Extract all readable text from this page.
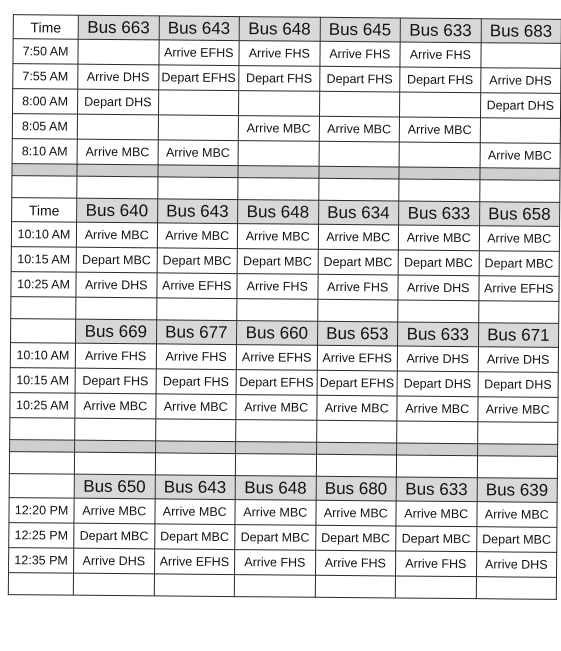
Time	Bus 663	Bus 643	Bus 648	Bus 645	Bus 633	Bus 683
7:50 AM		Arrive EFHS	Arrive FHS	Arrive FHS	Arrive FHS	
7:55 AM	Arrive DHS	Depart EFHS	Depart FHS	Depart FHS	Depart FHS	Arrive DHS
8:00 AM	Depart DHS					Depart DHS
8:05 AM			Arrive MBC	Arrive MBC	Arrive MBC	
8:10 AM	Arrive MBC	Arrive MBC				Arrive MBC

Time	Bus 640	Bus 643	Bus 648	Bus 634	Bus 633	Bus 658
10:10 AM	Arrive MBC	Arrive MBC	Arrive MBC	Arrive MBC	Arrive MBC	Arrive MBC
10:15 AM	Depart MBC	Depart MBC	Depart MBC	Depart MBC	Depart MBC	Depart MBC
10:25 AM	Arrive DHS	Arrive EFHS	Arrive FHS	Arrive FHS	Arrive DHS	Arrive EFHS

	Bus 669	Bus 677	Bus 660	Bus 653	Bus 633	Bus 671
10:10 AM	Arrive FHS	Arrive FHS	Arrive EFHS	Arrive EFHS	Arrive DHS	Arrive DHS
10:15 AM	Depart FHS	Depart FHS	Depart EFHS	Depart EFHS	Depart DHS	Depart DHS
10:25 AM	Arrive MBC	Arrive MBC	Arrive MBC	Arrive MBC	Arrive MBC	Arrive MBC

	Bus 650	Bus 643	Bus 648	Bus 680	Bus 633	Bus 639
12:20 PM	Arrive MBC	Arrive MBC	Arrive MBC	Arrive MBC	Arrive MBC	Arrive MBC
12:25 PM	Depart MBC	Depart MBC	Depart MBC	Depart MBC	Depart MBC	Depart MBC
12:35 PM	Arrive DHS	Arrive EFHS	Arrive FHS	Arrive FHS	Arrive FHS	Arrive DHS
